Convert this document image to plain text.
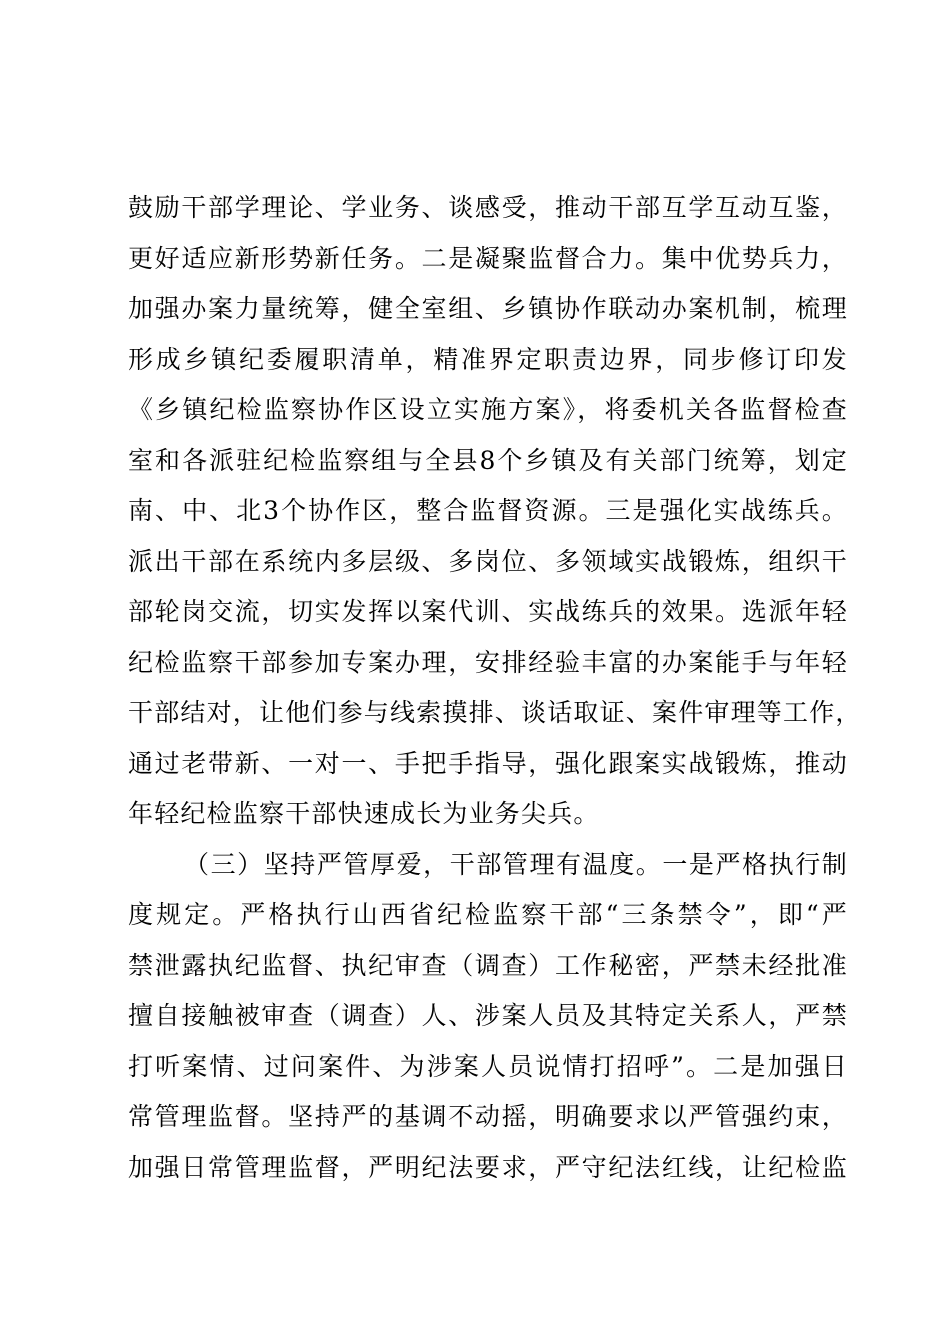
鼓励干部学理论、学业务、谈感受，推动干部互学互动互鉴，
更好适应新形势新任务。二是凝聚监督合力。集中优势兵力，
加强办案力量统筹，健全室组、乡镇协作联动办案机制，梳理
形成乡镇纪委履职清单，精准界定职责边界，同步修订印发
《乡镇纪检监察协作区设立实施方案》，将委机关各监督检查
室和各派驻纪检监察组与全县8个乡镇及有关部门统筹，划定
南、中、北3个协作区，整合监督资源。三是强化实战练兵。
派出干部在系统内多层级、多岗位、多领域实战锻炼，组织干
部轮岗交流，切实发挥以案代训、实战练兵的效果。选派年轻
纪检监察干部参加专案办理，安排经验丰富的办案能手与年轻
干部结对，让他们参与线索摸排、谈话取证、案件审理等工作，
通过老带新、一对一、手把手指导，强化跟案实战锻炼，推动
年轻纪检监察干部快速成长为业务尖兵。
（三）坚持严管厚爱，干部管理有温度。一是严格执行制
度规定。严格执行山西省纪检监察干部“三条禁令”，即“严
禁泄露执纪监督、执纪审查（调查）工作秘密，严禁未经批准
擅自接触被审查（调查）人、涉案人员及其特定关系人，严禁
打听案情、过问案件、为涉案人员说情打招呼”。二是加强日
常管理监督。坚持严的基调不动摇，明确要求以严管强约束，
加强日常管理监督，严明纪法要求，严守纪法红线，让纪检监
